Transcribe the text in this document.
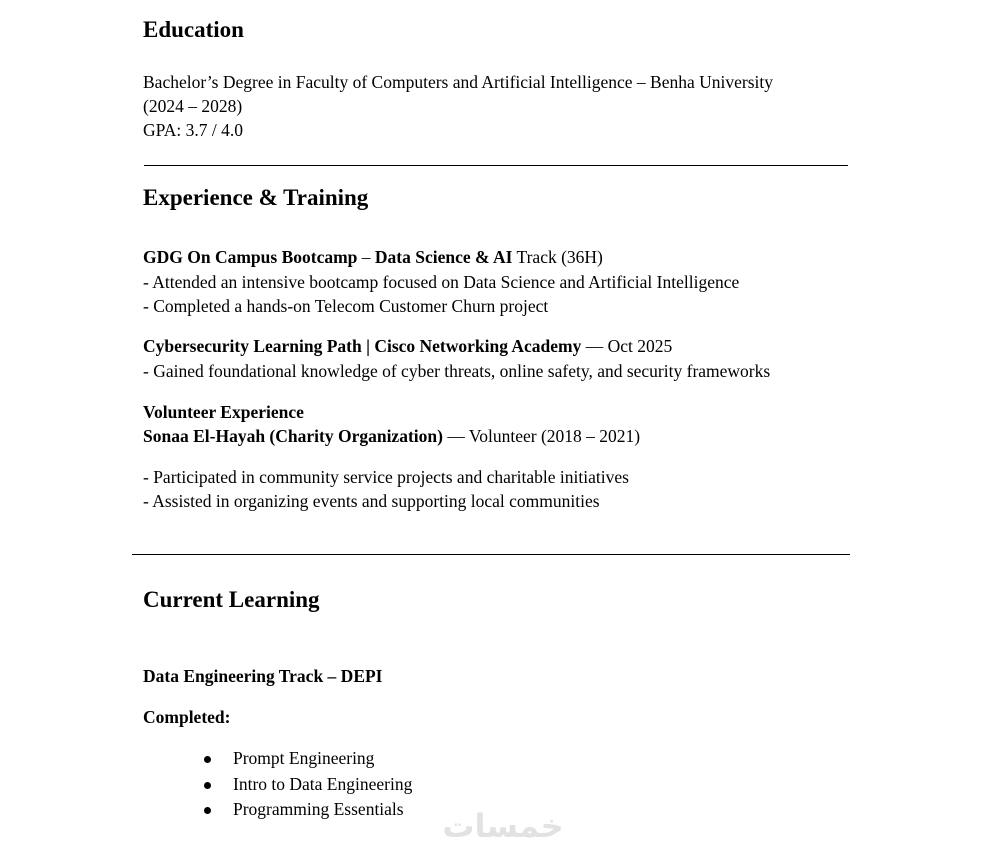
Education
Bachelor’s Degree in Faculty of Computers and Artificial Intelligence – Benha University
(2024 – 2028)
GPA: 3.7 / 4.0
Experience & Training
GDG On Campus Bootcamp – Data Science & AI Track (36H)
- Attended an intensive bootcamp focused on Data Science and Artificial Intelligence
- Completed a hands-on Telecom Customer Churn project
Cybersecurity Learning Path | Cisco Networking Academy — Oct 2025
- Gained foundational knowledge of cyber threats, online safety, and security frameworks
Volunteer Experience
Sonaa El-Hayah (Charity Organization) — Volunteer (2018 – 2021)
- Participated in community service projects and charitable initiatives
- Assisted in organizing events and supporting local communities
Current Learning
Data Engineering Track – DEPI
Completed:
Prompt Engineering
Intro to Data Engineering
Programming Essentials خمسات
